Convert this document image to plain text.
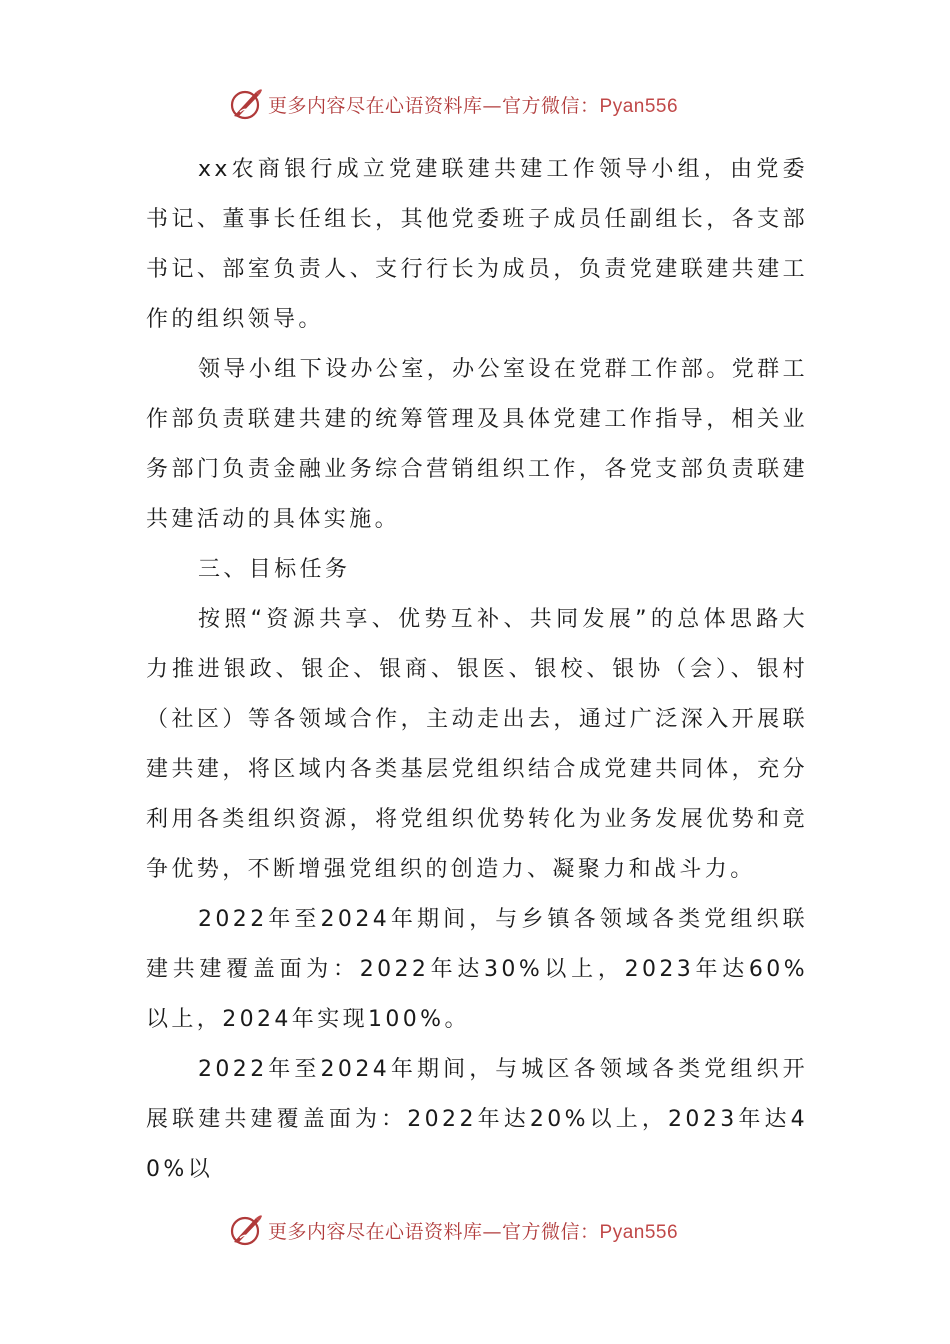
更多内容尽在心语资料库—官方微信：Pyan556

xx农商银行成立党建联建共建工作领导小组，由党委书记、董事长任组长，其他党委班子成员任副组长，各支部书记、部室负责人、支行行长为成员，负责党建联建共建工作的组织领导。

领导小组下设办公室，办公室设在党群工作部。党群工作部负责联建共建的统筹管理及具体党建工作指导，相关业务部门负责金融业务综合营销组织工作，各党支部负责联建共建活动的具体实施。

三、目标任务

按照“资源共享、优势互补、共同发展”的总体思路大力推进银政、银企、银商、银医、银校、银协（会）、银村（社区）等各领域合作，主动走出去，通过广泛深入开展联建共建，将区域内各类基层党组织结合成党建共同体，充分利用各类组织资源，将党组织优势转化为业务发展优势和竞争优势，不断增强党组织的创造力、凝聚力和战斗力。

2022年至2024年期间，与乡镇各领域各类党组织联建共建覆盖面为：2022年达30%以上，2023年达60%以上，2024年实现100%。

2022年至2024年期间，与城区各领域各类党组织开展联建共建覆盖面为：2022年达20%以上，2023年达40%以

更多内容尽在心语资料库—官方微信：Pyan556
